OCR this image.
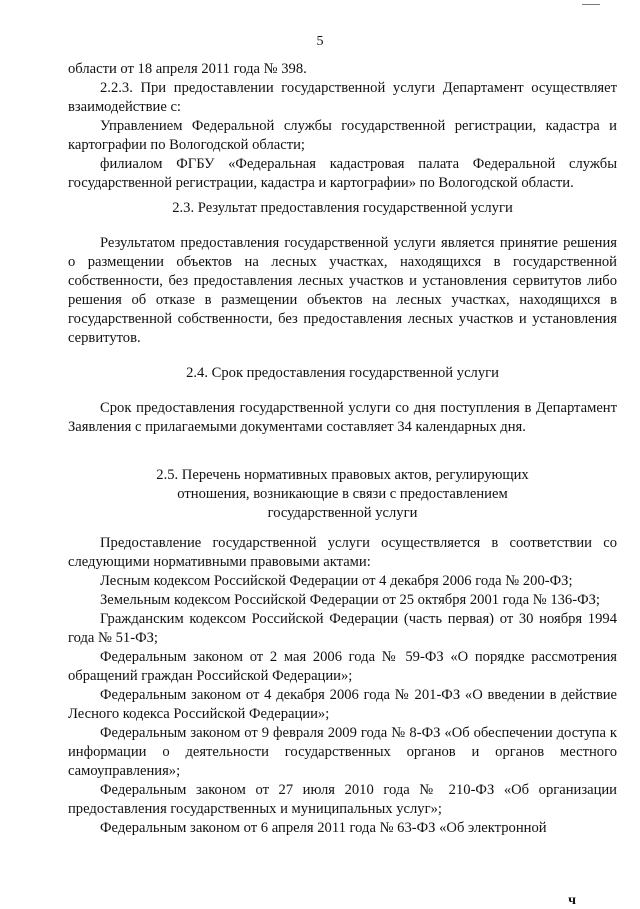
5
области от 18 апреля 2011 года № 398.
2.2.3. При предоставлении государственной услуги Департамент осуществляет взаимодействие с:
Управлением Федеральной службы государственной регистрации, кадастра и картографии по Вологодской области;
филиалом ФГБУ «Федеральная кадастровая палата Федеральной службы государственной регистрации, кадастра и картографии» по Вологодской области.
2.3. Результат предоставления государственной услуги
Результатом предоставления государственной услуги является принятие решения о размещении объектов на лесных участках, находящихся в государственной собственности, без предоставления лесных участков и установления сервитутов либо решения об отказе в размещении объектов на лесных участках, находящихся в государственной собственности, без предоставления лесных участков и установления сервитутов.
2.4. Срок предоставления государственной услуги
Срок предоставления государственной услуги со дня поступления в Департамент Заявления с прилагаемыми документами составляет 34 календарных дня.
2.5. Перечень нормативных правовых актов, регулирующих
отношения, возникающие в связи с предоставлением
государственной услуги
Предоставление государственной услуги осуществляется в соответствии со следующими нормативными правовыми актами:
Лесным кодексом Российской Федерации от 4 декабря 2006 года № 200-ФЗ;
Земельным кодексом Российской Федерации от 25 октября 2001 года № 136-ФЗ;
Гражданским кодексом Российской Федерации (часть первая) от 30 ноября 1994 года № 51-ФЗ;
Федеральным законом от 2 мая 2006 года № 59-ФЗ «О порядке рассмотрения обращений граждан Российской Федерации»;
Федеральным законом от 4 декабря 2006 года № 201-ФЗ «О введении в действие Лесного кодекса Российской Федерации»;
Федеральным законом от 9 февраля 2009 года № 8-ФЗ «Об обеспечении доступа к информации о деятельности государственных органов и органов местного самоуправления»;
Федеральным законом от 27 июля 2010 года № 210-ФЗ «Об организации предоставления государственных и муниципальных услуг»;
Федеральным законом от 6 апреля 2011 года № 63-ФЗ «Об электронной
ч
